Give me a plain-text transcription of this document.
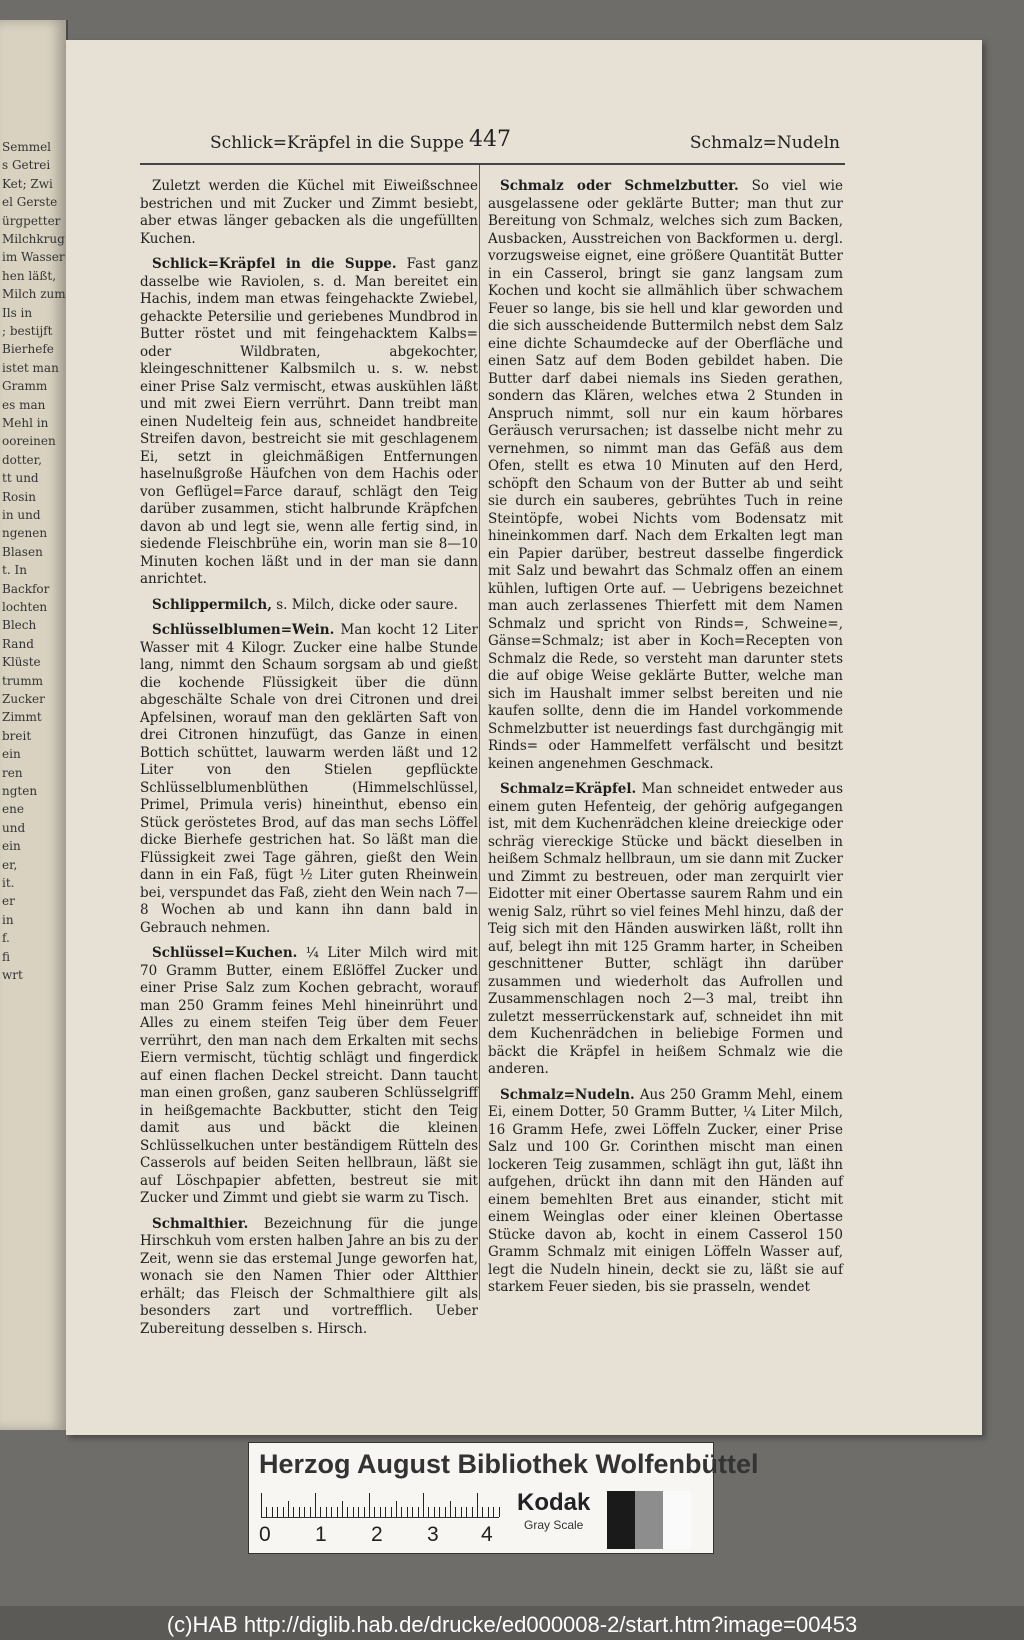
Semmel
s Getrei
Ket; Zwi
el Gerste
ürgpetter
Milchkrug
im Wasser
hen läßt,
Milch zum
Ils in
; bestijft
Bierhefe
istet man
Gramm
es man
Mehl in
ooreinen
dotter,
tt und
Rosin
in und
ngenen
Blasen
t. In
Backfor
lochten
Blech
Rand
Klüste
trumm
Zucker
Zimmt
breit
ein
ren
ngten
ene
und
ein
er,
it.
er
in
f.
fi
wrt
Schlick=Kräpfel in die Suppe 447	Schmalz=Nudeln

Zuletzt werden die Küchel mit Eiweißschnee bestrichen und mit Zucker und Zimmt besiebt, aber etwas länger gebacken als die ungefüllten Kuchen.

Schlick=Kräpfel in die Suppe. Fast ganz dasselbe wie Raviolen, s. d. Man bereitet ein Hachis, indem man etwas feingehackte Zwiebel, gehackte Petersilie und geriebenes Mundbrod in Butter röstet und mit feingehacktem Kalbs= oder Wildbraten, abgekochter, kleingeschnittener Kalbsmilch u. s. w. nebst einer Prise Salz vermischt, etwas auskühlen läßt und mit zwei Eiern verrührt. Dann treibt man einen Nudelteig fein aus, schneidet handbreite Streifen davon, bestreicht sie mit geschlagenem Ei, setzt in gleichmäßigen Entfernungen haselnußgroße Häufchen von dem Hachis oder von Geflügel=Farce darauf, schlägt den Teig darüber zusammen, sticht halbrunde Kräpfchen davon ab und legt sie, wenn alle fertig sind, in siedende Fleischbrühe ein, worin man sie 8—10 Minuten kochen läßt und in der man sie dann anrichtet.

Schlippermilch, s. Milch, dicke oder saure.

Schlüsselblumen=Wein. Man kocht 12 Liter Wasser mit 4 Kilogr. Zucker eine halbe Stunde lang, nimmt den Schaum sorgsam ab und gießt die kochende Flüssigkeit über die dünn abgeschälte Schale von drei Citronen und drei Apfelsinen, worauf man den geklärten Saft von drei Citronen hinzufügt, das Ganze in einen Bottich schüttet, lauwarm werden läßt und 12 Liter von den Stielen gepflückte Schlüsselblumenblüthen (Himmelschlüssel, Primel, Primula veris) hineinthut, ebenso ein Stück geröstetes Brod, auf das man sechs Löffel dicke Bierhefe gestrichen hat. So läßt man die Flüssigkeit zwei Tage gähren, gießt den Wein dann in ein Faß, fügt ½ Liter guten Rheinwein bei, verspundet das Faß, zieht den Wein nach 7—8 Wochen ab und kann ihn dann bald in Gebrauch nehmen.

Schlüssel=Kuchen. ¼ Liter Milch wird mit 70 Gramm Butter, einem Eßlöffel Zucker und einer Prise Salz zum Kochen gebracht, worauf man 250 Gramm feines Mehl hineinrührt und Alles zu einem steifen Teig über dem Feuer verrührt, den man nach dem Erkalten mit sechs Eiern vermischt, tüchtig schlägt und fingerdick auf einen flachen Deckel streicht. Dann taucht man einen großen, ganz sauberen Schlüsselgriff in heißgemachte Backbutter, sticht den Teig damit aus und bäckt die kleinen Schlüsselkuchen unter beständigem Rütteln des Casserols auf beiden Seiten hellbraun, läßt sie auf Löschpapier abfetten, bestreut sie mit Zucker und Zimmt und giebt sie warm zu Tisch.

Schmalthier. Bezeichnung für die junge Hirschkuh vom ersten halben Jahre an bis zu der Zeit, wenn sie das erstemal Junge geworfen hat, wonach sie den Namen Thier oder Altthier erhält; das Fleisch der Schmalthiere gilt als besonders zart und vortrefflich. Ueber Zubereitung desselben s. Hirsch.

Schmalz oder Schmelzbutter. So viel wie ausgelassene oder geklärte Butter; man thut zur Bereitung von Schmalz, welches sich zum Backen, Ausbacken, Ausstreichen von Backformen u. dergl. vorzugsweise eignet, eine größere Quantität Butter in ein Casserol, bringt sie ganz langsam zum Kochen und kocht sie allmählich über schwachem Feuer so lange, bis sie hell und klar geworden und die sich ausscheidende Buttermilch nebst dem Salz eine dichte Schaumdecke auf der Oberfläche und einen Satz auf dem Boden gebildet haben. Die Butter darf dabei niemals ins Sieden gerathen, sondern das Klären, welches etwa 2 Stunden in Anspruch nimmt, soll nur ein kaum hörbares Geräusch verursachen; ist dasselbe nicht mehr zu vernehmen, so nimmt man das Gefäß aus dem Ofen, stellt es etwa 10 Minuten auf den Herd, schöpft den Schaum von der Butter ab und seiht sie durch ein sauberes, gebrühtes Tuch in reine Steintöpfe, wobei Nichts vom Bodensatz mit hineinkommen darf. Nach dem Erkalten legt man ein Papier darüber, bestreut dasselbe fingerdick mit Salz und bewahrt das Schmalz offen an einem kühlen, luftigen Orte auf. — Uebrigens bezeichnet man auch zerlassenes Thierfett mit dem Namen Schmalz und spricht von Rinds=, Schweine=, Gänse=Schmalz; ist aber in Koch=Recepten von Schmalz die Rede, so versteht man darunter stets die auf obige Weise geklärte Butter, welche man sich im Haushalt immer selbst bereiten und nie kaufen sollte, denn die im Handel vorkommende Schmelzbutter ist neuerdings fast durchgängig mit Rinds= oder Hammelfett verfälscht und besitzt keinen angenehmen Geschmack.

Schmalz=Kräpfel. Man schneidet entweder aus einem guten Hefenteig, der gehörig aufgegangen ist, mit dem Kuchenrädchen kleine dreieckige oder schräg viereckige Stücke und bäckt dieselben in heißem Schmalz hellbraun, um sie dann mit Zucker und Zimmt zu bestreuen, oder man zerquirlt vier Eidotter mit einer Obertasse saurem Rahm und ein wenig Salz, rührt so viel feines Mehl hinzu, daß der Teig sich mit den Händen auswirken läßt, rollt ihn auf, belegt ihn mit 125 Gramm harter, in Scheiben geschnittener Butter, schlägt ihn darüber zusammen und wiederholt das Aufrollen und Zusammenschlagen noch 2—3 mal, treibt ihn zuletzt messerrückenstark auf, schneidet ihn mit dem Kuchenrädchen in beliebige Formen und bäckt die Kräpfel in heißem Schmalz wie die anderen.

Schmalz=Nudeln. Aus 250 Gramm Mehl, einem Ei, einem Dotter, 50 Gramm Butter, ¼ Liter Milch, 16 Gramm Hefe, zwei Löffeln Zucker, einer Prise Salz und 100 Gr. Corinthen mischt man einen lockeren Teig zusammen, schlägt ihn gut, läßt ihn aufgehen, drückt ihn dann mit den Händen auf einem bemehlten Bret aus einander, sticht mit einem Weinglas oder einer kleinen Obertasse Stücke davon ab, kocht in einem Casserol 150 Gramm Schmalz mit einigen Löffeln Wasser auf, legt die Nudeln hinein, deckt sie zu, läßt sie auf starkem Feuer sieden, bis sie prasseln, wendet

Herzog August Bibliothek Wolfenbüttel
0 1 2 3 4
Kodak
Gray Scale
(c)HAB http://diglib.hab.de/drucke/ed000008-2/start.htm?image=00453
